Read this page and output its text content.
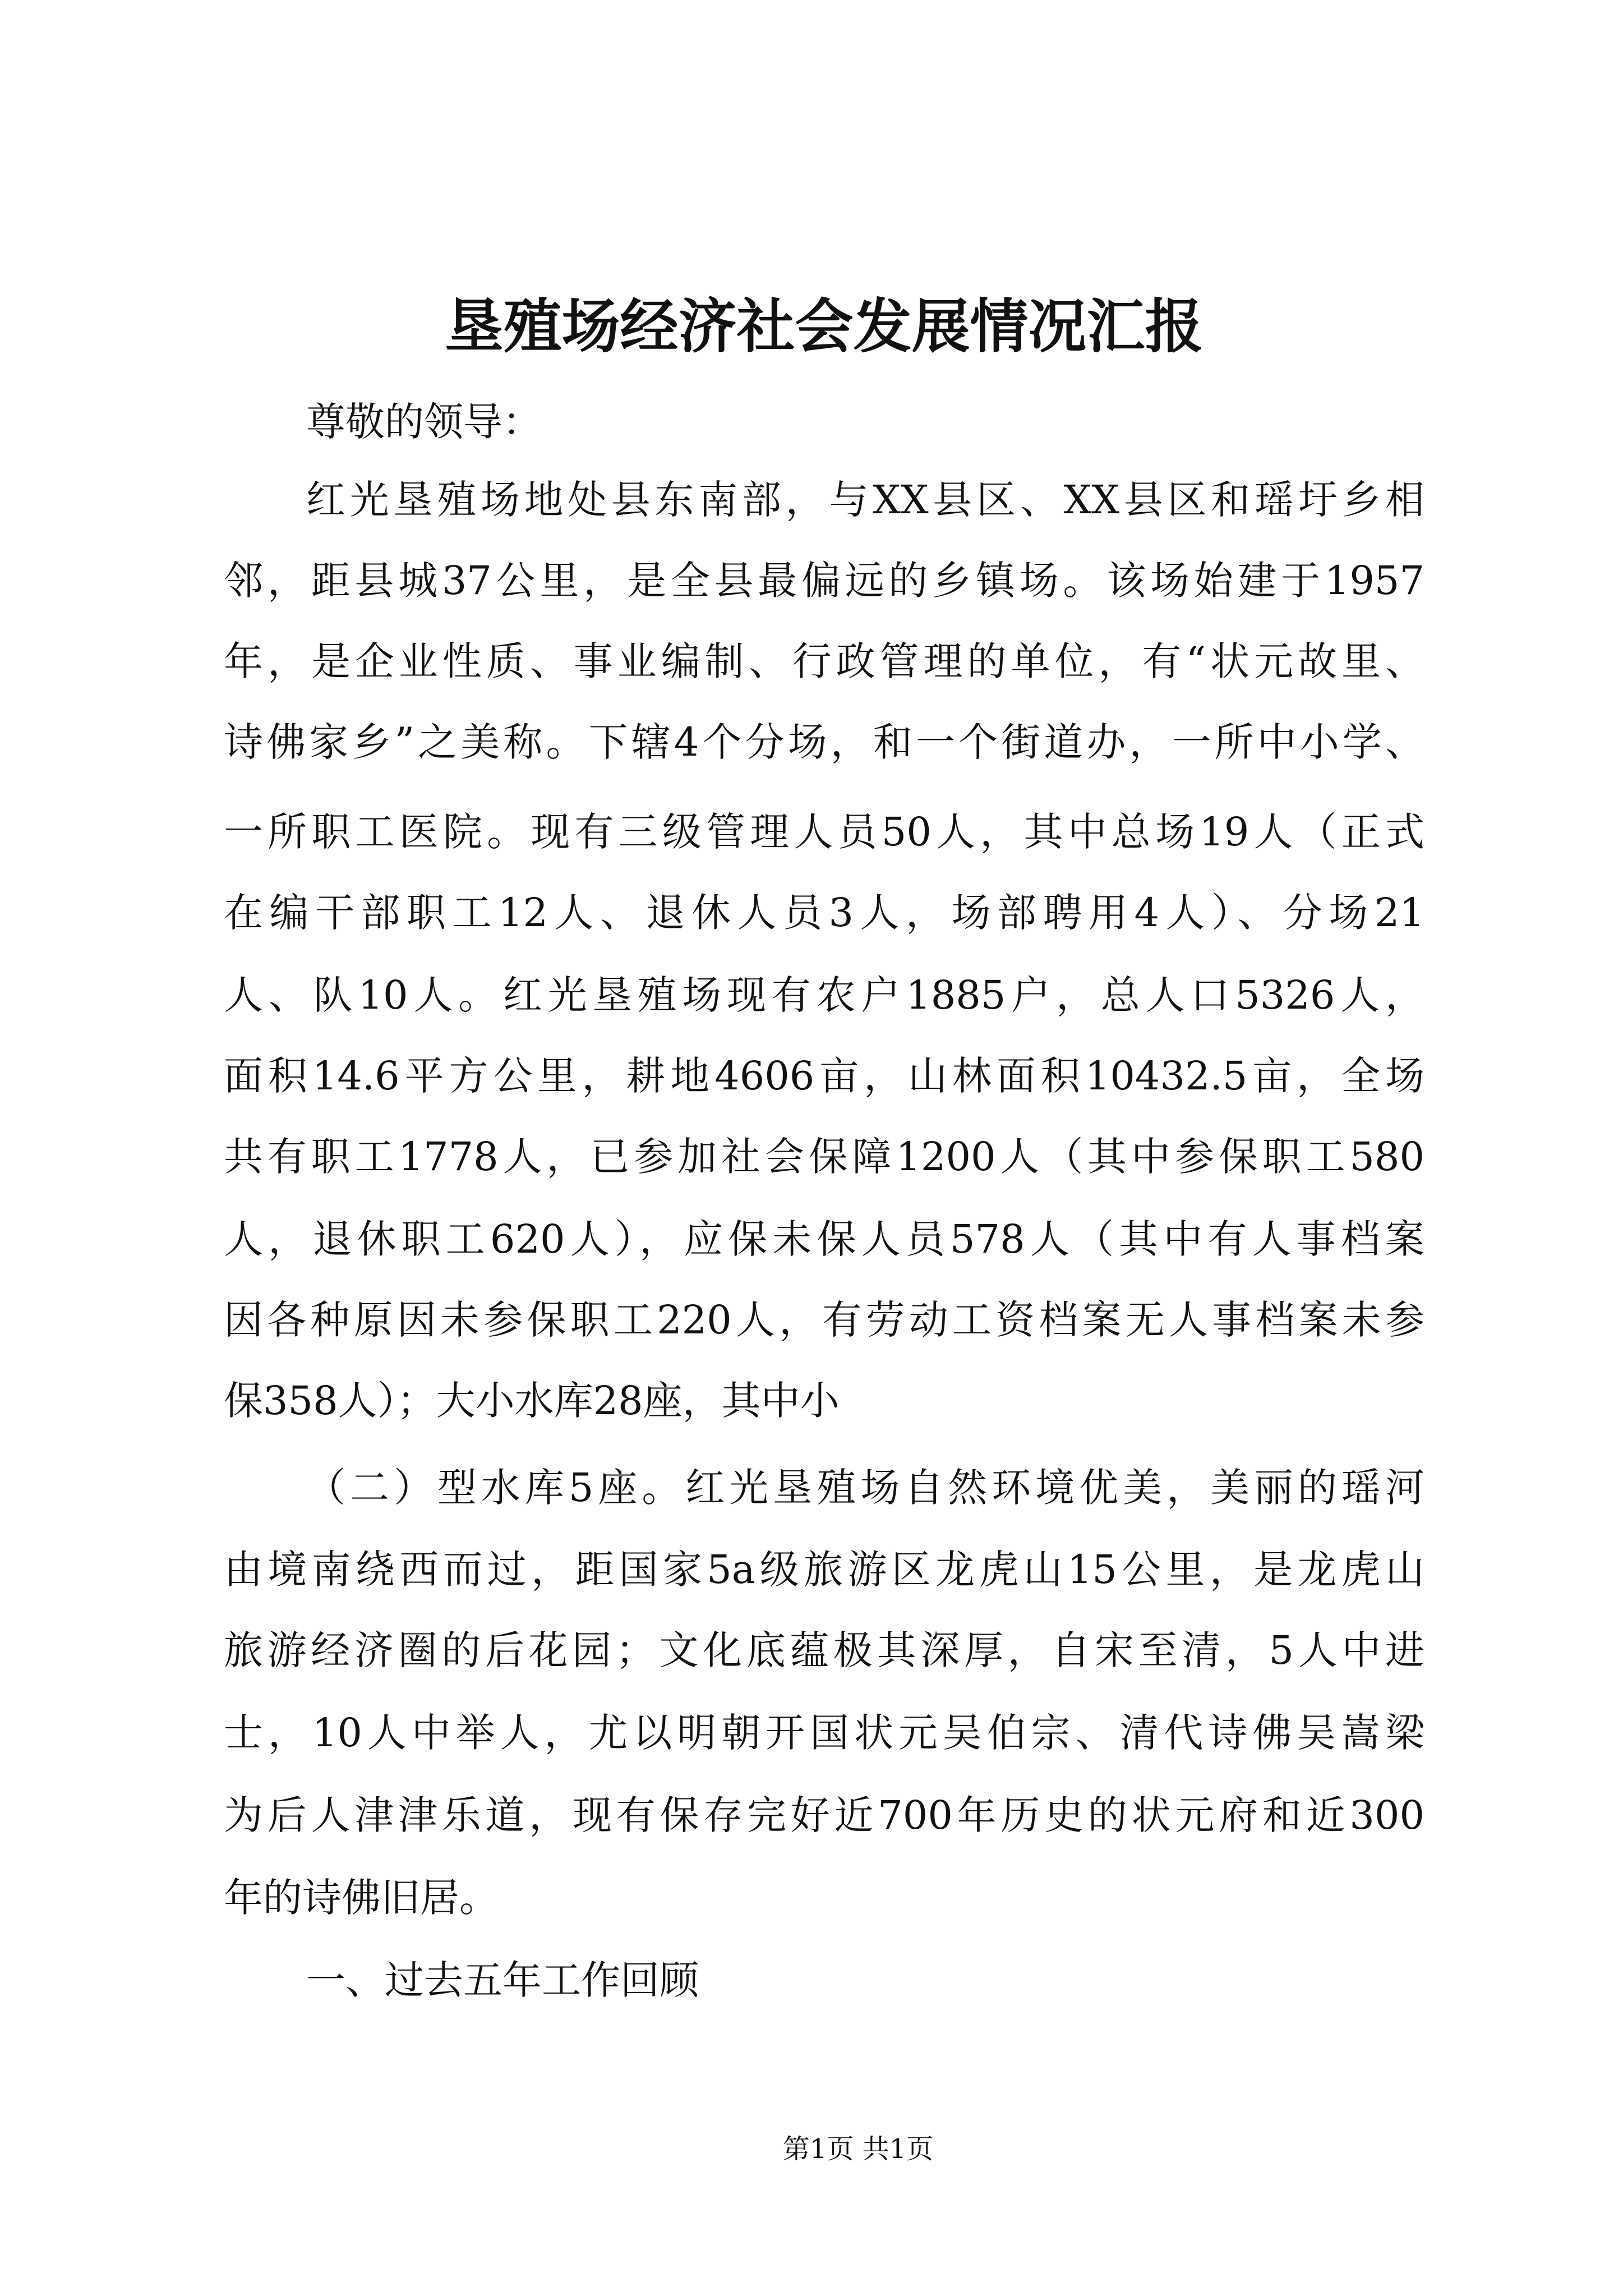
垦殖场经济社会发展情况汇报
尊敬的领导：
红光垦殖场地处县东南部，与XX县区、XX县区和瑶圩乡相
邻，距县城37公里，是全县最偏远的乡镇场。该场始建于1957
年，是企业性质、事业编制、行政管理的单位，有“状元故里、
诗佛家乡”之美称。下辖4个分场，和一个街道办，一所中小学、
一所职工医院。现有三级管理人员50人，其中总场19人（正式
在编干部职工12人、退休人员3人，场部聘用4人）、分场21
人、队10人。红光垦殖场现有农户1885户，总人口5326人，
面积14.6平方公里，耕地4606亩，山林面积10432.5亩，全场
共有职工1778人，已参加社会保障1200人（其中参保职工580
人，退休职工620人），应保未保人员578人（其中有人事档案
因各种原因未参保职工220人，有劳动工资档案无人事档案未参
保358人）；大小水库28座，其中小
（二）型水库5座。红光垦殖场自然环境优美，美丽的瑶河
由境南绕西而过，距国家5a级旅游区龙虎山15公里，是龙虎山
旅游经济圈的后花园；文化底蕴极其深厚，自宋至清，5人中进
士，10人中举人，尤以明朝开国状元吴伯宗、清代诗佛吴嵩梁
为后人津津乐道，现有保存完好近700年历史的状元府和近300
年的诗佛旧居。
一、过去五年工作回顾
第1页 共1页
